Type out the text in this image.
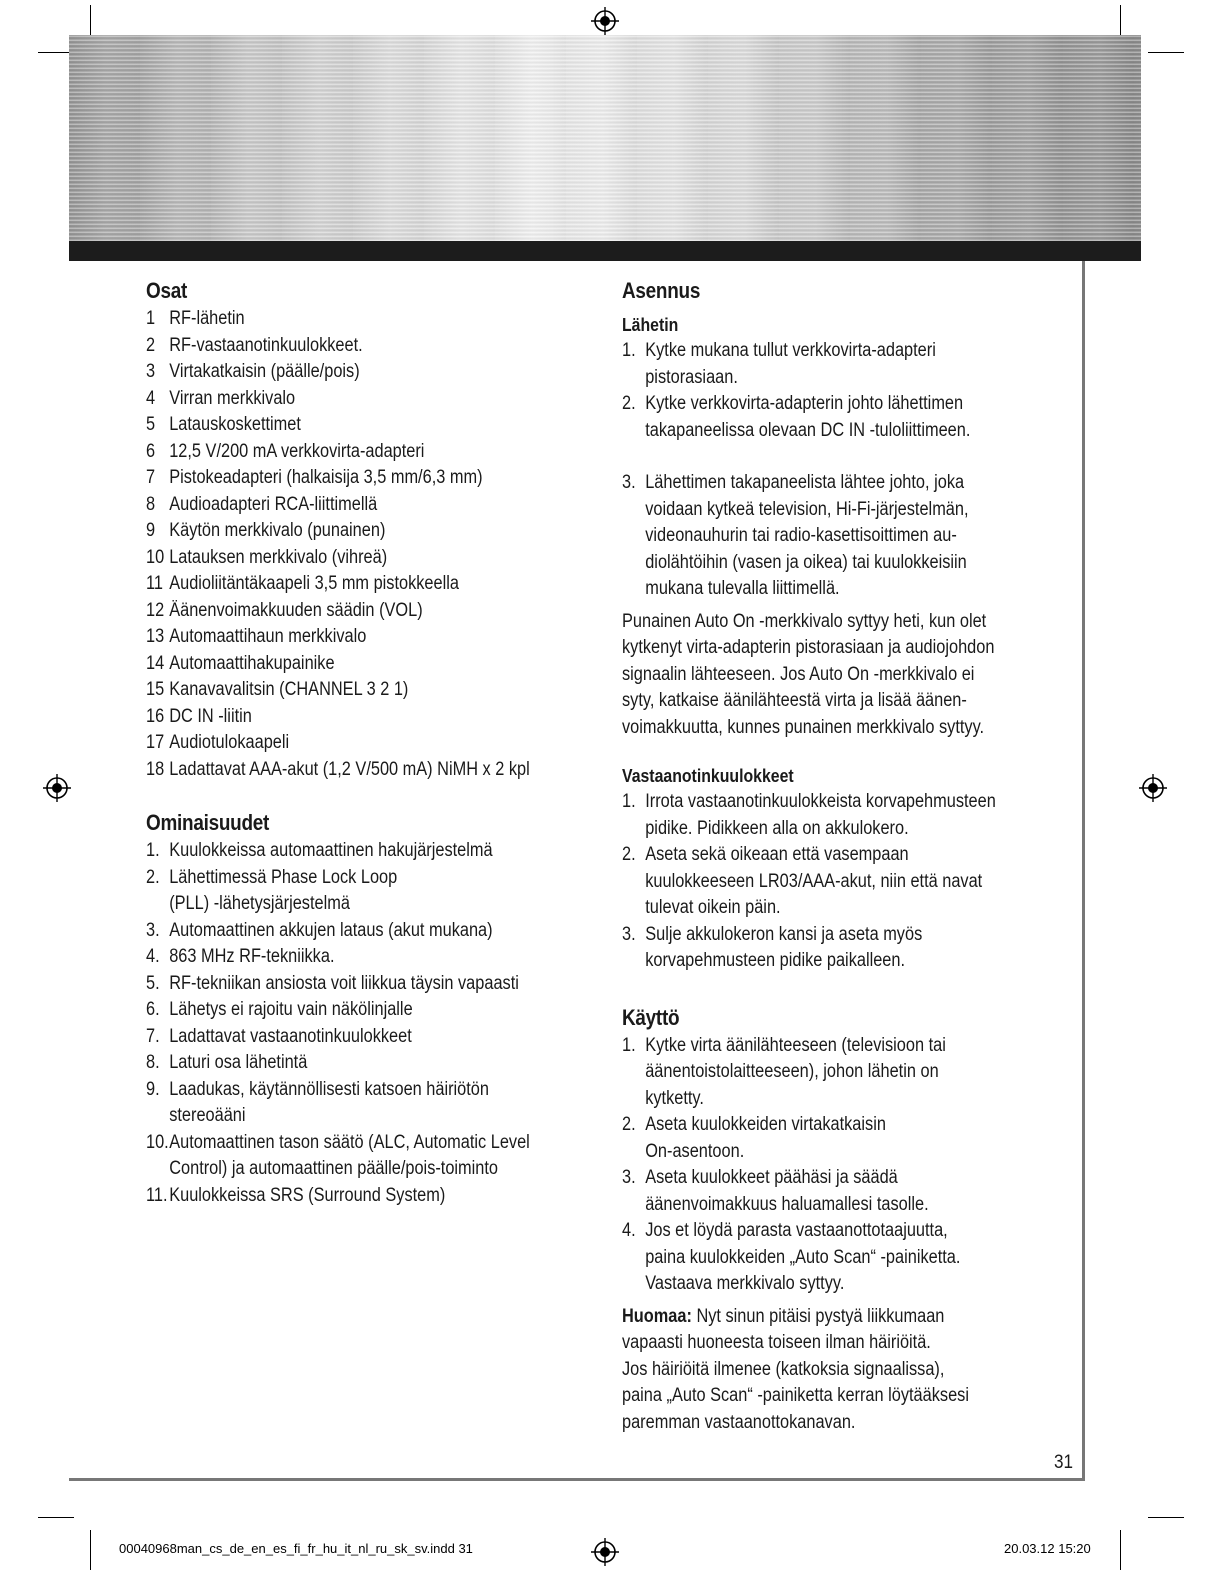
Osat
1 RF-lähetin
2 RF-vastaanotinkuulokkeet.
3 Virtakatkaisin (päälle/pois)
4 Virran merkkivalo
5 Latauskoskettimet
6 12,5 V/200 mA verkkovirta-adapteri
7 Pistokeadapteri (halkaisija 3,5 mm/6,3 mm)
8 Audioadapteri RCA-liittimellä
9 Käytön merkkivalo (punainen)
10 Latauksen merkkivalo (vihreä)
11 Audioliitäntäkaapeli 3,5 mm pistokkeella
12 Äänenvoimakkuuden säädin (VOL)
13 Automaattihaun merkkivalo
14 Automaattihakupainike
15 Kanavavalitsin (CHANNEL 3 2 1)
16 DC IN -liitin
17 Audiotulokaapeli
18 Ladattavat AAA-akut (1,2 V/500 mA) NiMH x 2 kpl
Ominaisuudet
1. Kuulokkeissa automaattinen hakujärjestelmä
2. Lähettimessä Phase Lock Loop
(PLL) -lähetysjärjestelmä
3. Automaattinen akkujen lataus (akut mukana)
4. 863 MHz RF-tekniikka.
5. RF-tekniikan ansiosta voit liikkua täysin vapaasti
6. Lähetys ei rajoitu vain näkölinjalle
7. Ladattavat vastaanotinkuulokkeet
8. Laturi osa lähetintä
9. Laadukas, käytännöllisesti katsoen häiriötön
stereoääni
10. Automaattinen tason säätö (ALC, Automatic Level
Control) ja automaattinen päälle/pois-toiminto
11. Kuulokkeissa SRS (Surround System)
Asennus
Lähetin
1. Kytke mukana tullut verkkovirta-adapteri
pistorasiaan.
2. Kytke verkkovirta-adapterin johto lähettimen
takapaneelissa olevaan DC IN -tuloliittimeen.
3. Lähettimen takapaneelista lähtee johto, joka
voidaan kytkeä television, Hi-Fi-järjestelmän,
videonauhurin tai radio-kasettisoittimen au-
diolähtöihin (vasen ja oikea) tai kuulokkeisiin
mukana tulevalla liittimellä.
Punainen Auto On -merkkivalo syttyy heti, kun olet
kytkenyt virta-adapterin pistorasiaan ja audiojohdon
signaalin lähteeseen. Jos Auto On -merkkivalo ei
syty, katkaise äänilähteestä virta ja lisää äänen-
voimakkuutta, kunnes punainen merkkivalo syttyy.
Vastaanotinkuulokkeet
1. Irrota vastaanotinkuulokkeista korvapehmusteen
pidike. Pidikkeen alla on akkulokero.
2. Aseta sekä oikeaan että vasempaan
kuulokkeeseen LR03/AAA-akut, niin että navat
tulevat oikein päin.
3. Sulje akkulokeron kansi ja aseta myös
korvapehmusteen pidike paikalleen.
Käyttö
1. Kytke virta äänilähteeseen (televisioon tai
äänentoistolaitteeseen), johon lähetin on
kytketty.
2. Aseta kuulokkeiden virtakatkaisin
On-asentoon.
3. Aseta kuulokkeet päähäsi ja säädä
äänenvoimakkuus haluamallesi tasolle.
4. Jos et löydä parasta vastaanottotaajuutta,
paina kuulokkeiden „Auto Scan“ -painiketta.
Vastaava merkkivalo syttyy.
Huomaa: Nyt sinun pitäisi pystyä liikkumaan
vapaasti huoneesta toiseen ilman häiriöitä.
Jos häiriöitä ilmenee (katkoksia signaalissa),
paina „Auto Scan“ -painiketta kerran löytääksesi
paremman vastaanottokanavan.
31
00040968man_cs_de_en_es_fi_fr_hu_it_nl_ru_sk_sv.indd 31	20.03.12 15:20
